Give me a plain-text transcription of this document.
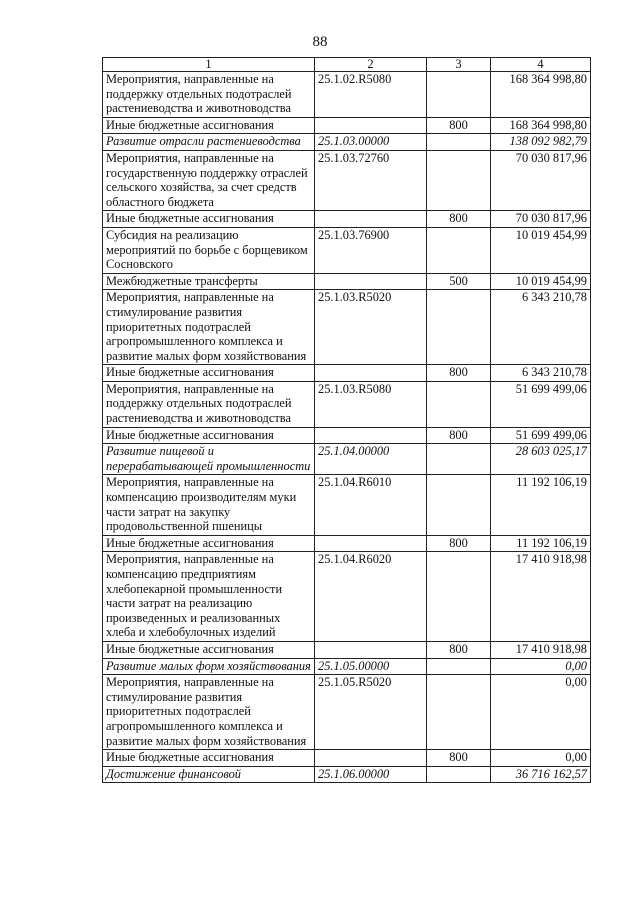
88
1	2	3	4
Мероприятия, направленные на поддержку отдельных подотраслей растениеводства и животноводства	25.1.02.R5080		168 364 998,80
Иные бюджетные ассигнования		800	168 364 998,80
Развитие отрасли растениеводства	25.1.03.00000		138 092 982,79
Мероприятия, направленные на государственную поддержку отраслей сельского хозяйства, за счет средств областного бюджета	25.1.03.72760		70 030 817,96
Иные бюджетные ассигнования		800	70 030 817,96
Субсидия на реализацию мероприятий по борьбе с борщевиком Сосновского	25.1.03.76900		10 019 454,99
Межбюджетные трансферты		500	10 019 454,99
Мероприятия, направленные на стимулирование развития приоритетных подотраслей агропромышленного комплекса и развитие малых форм хозяйствования	25.1.03.R5020		6 343 210,78
Иные бюджетные ассигнования		800	6 343 210,78
Мероприятия, направленные на поддержку отдельных подотраслей растениеводства и животноводства	25.1.03.R5080		51 699 499,06
Иные бюджетные ассигнования		800	51 699 499,06
Развитие пищевой и перерабатывающей промышленности	25.1.04.00000		28 603 025,17
Мероприятия, направленные на компенсацию производителям муки части затрат на закупку продовольственной пшеницы	25.1.04.R6010		11 192 106,19
Иные бюджетные ассигнования		800	11 192 106,19
Мероприятия, направленные на компенсацию предприятиям хлебопекарной промышленности части затрат на реализацию произведенных и реализованных хлеба и хлебобулочных изделий	25.1.04.R6020		17 410 918,98
Иные бюджетные ассигнования		800	17 410 918,98
Развитие малых форм хозяйствования	25.1.05.00000		0,00
Мероприятия, направленные на стимулирование развития приоритетных подотраслей агропромышленного комплекса и развитие малых форм хозяйствования	25.1.05.R5020		0,00
Иные бюджетные ассигнования		800	0,00
Достижение финансовой	25.1.06.00000		36 716 162,57
